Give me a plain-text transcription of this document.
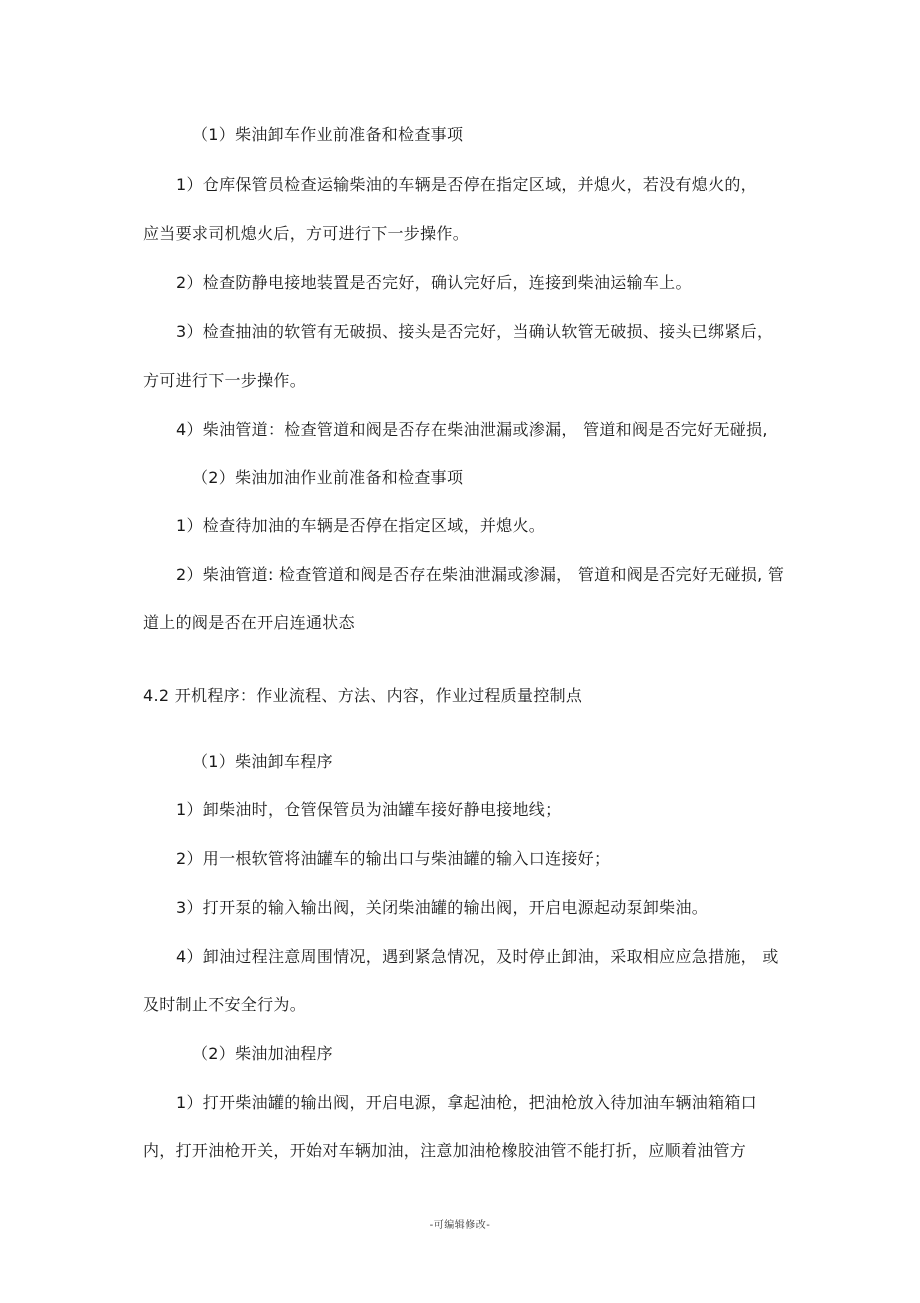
（1）柴油卸车作业前准备和检查事项
1）仓库保管员检查运输柴油的车辆是否停在指定区域，并熄火，若没有熄火的，
应当要求司机熄火后，方可进行下一步操作。
2）检查防静电接地装置是否完好，确认完好后，连接到柴油运输车上。
3）检查抽油的软管有无破损、接头是否完好，当确认软管无破损、接头已绑紧后，
方可进行下一步操作。
4）柴油管道：检查管道和阀是否存在柴油泄漏或渗漏， 管道和阀是否完好无碰损,
（2）柴油加油作业前准备和检查事项
1）检查待加油的车辆是否停在指定区域，并熄火。
2）柴油管道: 检查管道和阀是否存在柴油泄漏或渗漏， 管道和阀是否完好无碰损, 管
道上的阀是否在开启连通状态
4.2 开机程序：作业流程、方法、内容，作业过程质量控制点
（1）柴油卸车程序
1）卸柴油时，仓管保管员为油罐车接好静电接地线；
2）用一根软管将油罐车的输出口与柴油罐的输入口连接好；
3）打开泵的输入输出阀，关闭柴油罐的输出阀，开启电源起动泵卸柴油。
4）卸油过程注意周围情况，遇到紧急情况，及时停止卸油，采取相应应急措施， 或
及时制止不安全行为。
（2）柴油加油程序
1）打开柴油罐的输出阀，开启电源，拿起油枪，把油枪放入待加油车辆油箱箱口
内，打开油枪开关，开始对车辆加油，注意加油枪橡胶油管不能打折，应顺着油管方
-可编辑修改-
